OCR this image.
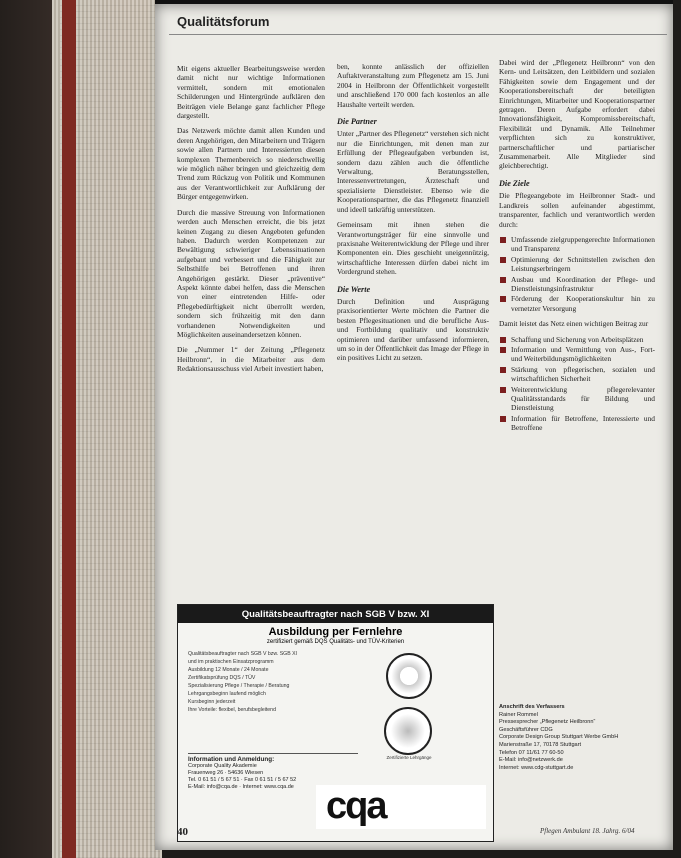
Qualitätsforum

Mit eigens aktueller Bearbeitungsweise werden damit nicht nur wichtige Informationen vermittelt, sondern mit emotionalen Schilderungen und Hintergründe aufklären den Beiträgen viele Belange ganz fachlicher Pflege dargestellt.

Das Netzwerk möchte damit allen Kunden und deren Angehörigen, den Mitarbeitern und Trägern sowie allen Partnern und Interessierten diesen komplexen Themenbereich so niederschwellig wie möglich näher bringen und gleichzeitig dem Trend zum Rückzug von Politik und Kommunen aus der Verantwortlichkeit zur Aufklärung der Bürger entgegenwirken.

Durch die massive Streuung von Informationen werden auch Menschen erreicht, die bis jetzt keinen Zugang zu diesen Angeboten gefunden haben. Dadurch werden Kompetenzen zur Bewältigung schwieriger Lebenssituationen aufgebaut und verbessert und die Fähigkeit zur Selbsthilfe bei Betroffenen und ihren Angehörigen gestärkt. Dieser „präventive“ Aspekt könnte dabei helfen, dass die Menschen von einer eintretenden Hilfe- oder Pflegebedürftigkeit nicht überrollt werden, sondern sich frühzeitig mit den dann vorhandenen Notwendigkeiten und Möglichkeiten auseinandersetzen können.

Die „Nummer 1“ der Zeitung „Pflegenetz Heilbronn“, in die Mitarbeiter aus dem Redaktionsausschuss viel Arbeit investiert haben,

ben, konnte anlässlich der offiziellen Auftaktveranstaltung zum Pflegenetz am 15. Juni 2004 in Heilbronn der Öffentlichkeit vorgestellt und anschließend 170 000 fach kostenlos an alle Haushalte verteilt werden.

Die Partner

Unter „Partner des Pflegenetz“ verstehen sich nicht nur die Einrichtungen, mit denen man zur Erfüllung der Pflegeaufgaben verbunden ist, sondern dazu zählen auch die öffentliche Verwaltung, Beratungsstellen, Interessenvertretungen, Ärzteschaft und spezialisierte Dienstleister. Ebenso wie die Kooperationspartner, die das Pflegenetz finanziell und ideell tatkräftig unterstützen.

Gemeinsam mit ihnen stehen die Verantwortungsträger für eine sinnvolle und praxisnahe Weiterentwicklung der Pflege und ihrer Komponenten ein. Dies geschieht uneigennützig, wirtschaftliche Interessen dürfen dabei nicht im Vordergrund stehen.

Die Werte

Durch Definition und Ausprägung praxisorientierter Werte möchten die Partner die besten Pflegesituationen und die berufliche Aus- und Fortbildung qualitativ und konstruktiv optimieren und darüber umfassend informieren, um so in der Öffentlichkeit das Image der Pflege in ein positives Licht zu setzen.

Dabei wird der „Pflegenetz Heilbronn“ von den Kern- und Leitsätzen, den Leitbildern und sozialen Fähigkeiten sowie dem Engagement und der Kooperationsbereitschaft der beteiligten Einrichtungen, Mitarbeiter und Kooperationspartner getragen. Deren Aufgabe erfordert dabei Innovationsfähigkeit, Kompromissbereitschaft, Flexibilität und Dynamik. Alle Teilnehmer verpflichten sich zu konstruktiver, partnerschaftlicher und partiarischer Zusammenarbeit. Alle Mitglieder sind gleichberechtigt.

Die Ziele

Die Pflegeangebote im Heilbronner Stadt- und Landkreis sollen aufeinander abgestimmt, transparenter, fachlich und verantwortlich werden durch:

Umfassende zielgruppengerechte Informationen und Transparenz
Optimierung der Schnittstellen zwischen den Leistungserbringern
Ausbau und Koordination der Pflege- und Dienstleistungsinfrastruktur
Förderung der Kooperationskultur hin zu vernetzter Versorgung

Damit leistet das Netz einen wichtigen Beitrag zur

Schaffung und Sicherung von Arbeitsplätzen
Information und Vermittlung von Aus-, Fort- und Weiterbildungsmöglichkeiten
Stärkung von pflegerischen, sozialen und wirtschaftlichen Sicherheit
Weiterentwicklung pflegerelevanter Qualitätsstandards für Bildung und Dienstleistung
Information für Betroffene, Interessierte und Betroffene
Anschrift des Verfassers
Rainer Rommel
Pressesprecher „Pflegenetz Heilbronn“
Geschäftsführer CDG
Corporate Design Group Stuttgart Werbe GmbH
Marienstraße 17, 70178 Stuttgart
Telefon 07 11/61 77 60-50
E-Mail: info@netzwerk.de
Internet: www.cdg-stuttgart.de
Qualitätsbeauftragter nach SGB V bzw. XI
Ausbildung per Fernlehre
zertifiziert gemäß DQS Qualitäts- und TÜV-Kriterien
Qualitätsbeauftragter nach SGB V bzw. SGB XI
und im praktischen Einsatzprogramm
Ausbildung 12 Monate / 24 Monate
Zertifikatsprüfung DQS / TÜV
Spezialisierung Pflege / Therapie / Beratung
Lehrgangsbeginn laufend möglich
Kursbeginn jederzeit
Ihre Vorteile: flexibel, berufsbegleitend
Zertifizierte Lehrgänge
Information und Anmeldung:
Corporate Quality Akademie
Frauenweg 26 · 54636 Wiesen
Tel. 0 61 51 / 5 67 51 · Fax 0 61 51 / 5 67 52
E-Mail: info@cqa.de · Internet: www.cqa.de cqa
40	Pflegen Ambulant 18. Jahrg. 6/04
